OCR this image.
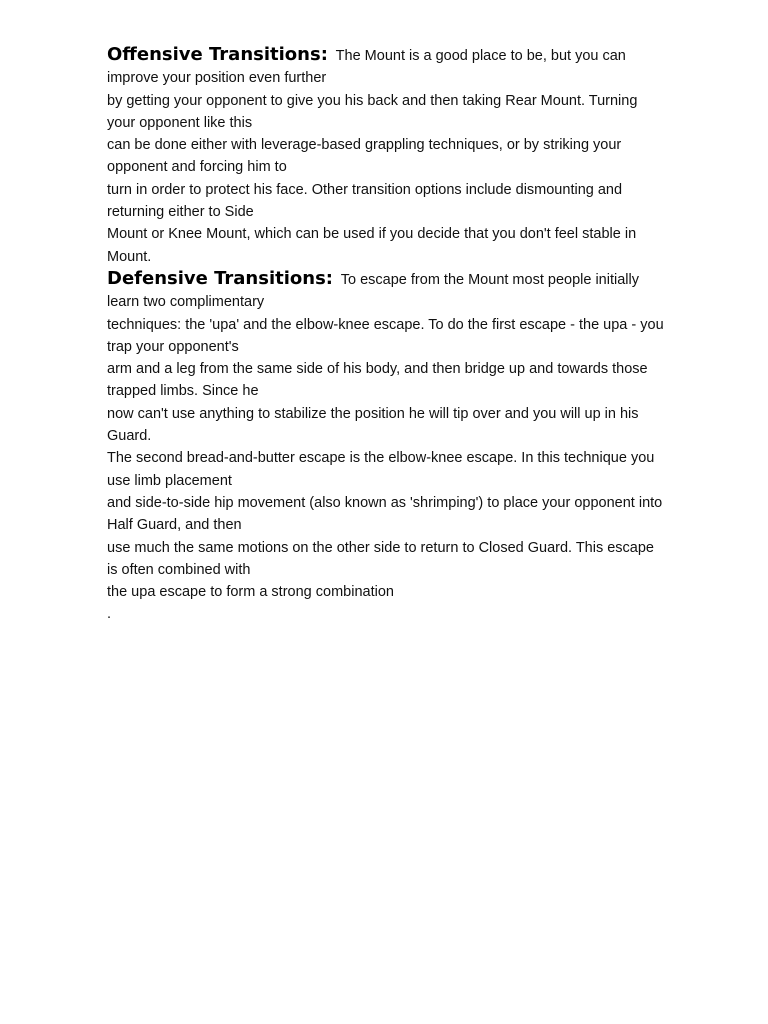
Offensive Transitions: The Mount is a good place to be, but you can improve your position even further
by getting your opponent to give you his back and then taking Rear Mount. Turning your opponent like this
can be done either with leverage-based grappling techniques, or by striking your opponent and forcing him to
turn in order to protect his face. Other transition options include dismounting and returning either to Side
Mount or Knee Mount, which can be used if you decide that you don't feel stable in Mount.
Defensive Transitions: To escape from the Mount most people initially learn two complimentary
techniques: the 'upa' and the elbow-knee escape. To do the first escape - the upa - you trap your opponent's
arm and a leg from the same side of his body, and then bridge up and towards those trapped limbs. Since he
now can't use anything to stabilize the position he will tip over and you will up in his Guard.
The second bread-and-butter escape is the elbow-knee escape. In this technique you use limb placement
and side-to-side hip movement (also known as 'shrimping') to place your opponent into Half Guard, and then
use much the same motions on the other side to return to Closed Guard. This escape is often combined with
the upa escape to form a strong combination
.
